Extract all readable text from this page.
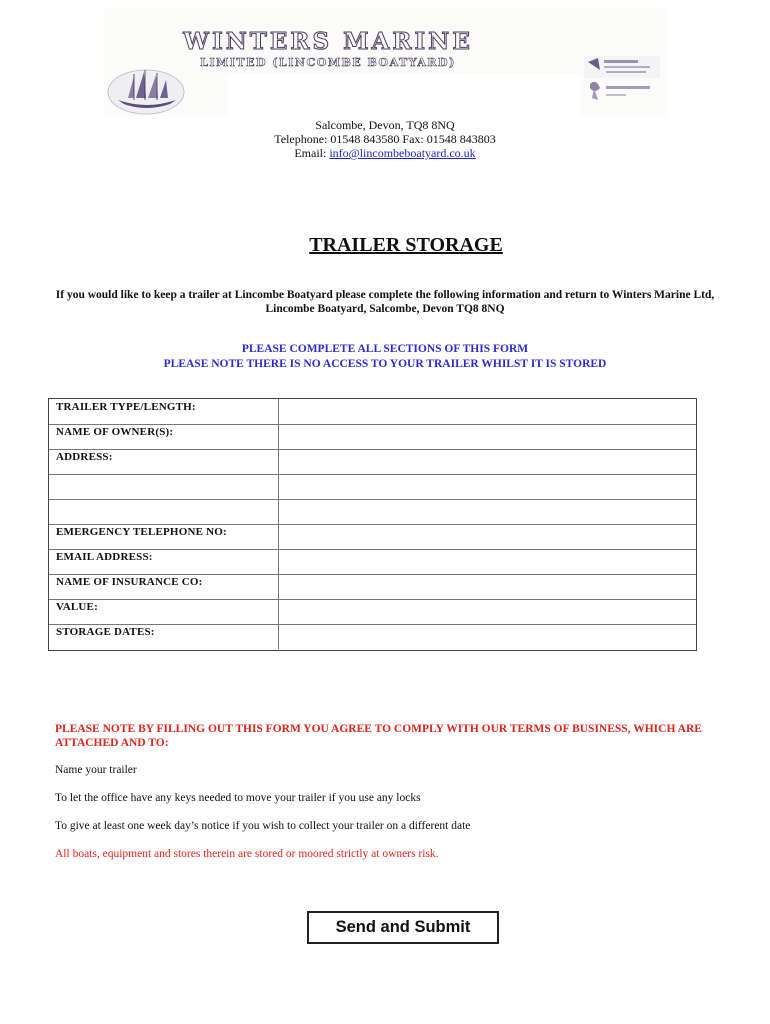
WINTERS MARINE
LIMITED (LINCOMBE BOATYARD)
Salcombe, Devon, TQ8 8NQ
Telephone: 01548 843580 Fax: 01548 843803
Email: info@lincombeboatyard.co.uk
TRAILER STORAGE
If you would like to keep a trailer at Lincombe Boatyard please complete the following information and return to Winters Marine Ltd, Lincombe Boatyard, Salcombe, Devon TQ8 8NQ
PLEASE COMPLETE ALL SECTIONS OF THIS FORM
PLEASE NOTE THERE IS NO ACCESS TO YOUR TRAILER WHILST IT IS STORED
TRAILER TYPE/LENGTH:
NAME OF OWNER(S):
ADDRESS:
EMERGENCY TELEPHONE NO:
EMAIL ADDRESS:
NAME OF INSURANCE CO:
VALUE:
STORAGE DATES:
PLEASE NOTE BY FILLING OUT THIS FORM YOU AGREE TO COMPLY WITH OUR TERMS OF BUSINESS, WHICH ARE ATTACHED AND TO:
Name your trailer
To let the office have any keys needed to move your trailer if you use any locks
To give at least one week day’s notice if you wish to collect your trailer on a different date
All boats, equipment and stores therein are stored or moored strictly at owners risk.
Send and Submit
